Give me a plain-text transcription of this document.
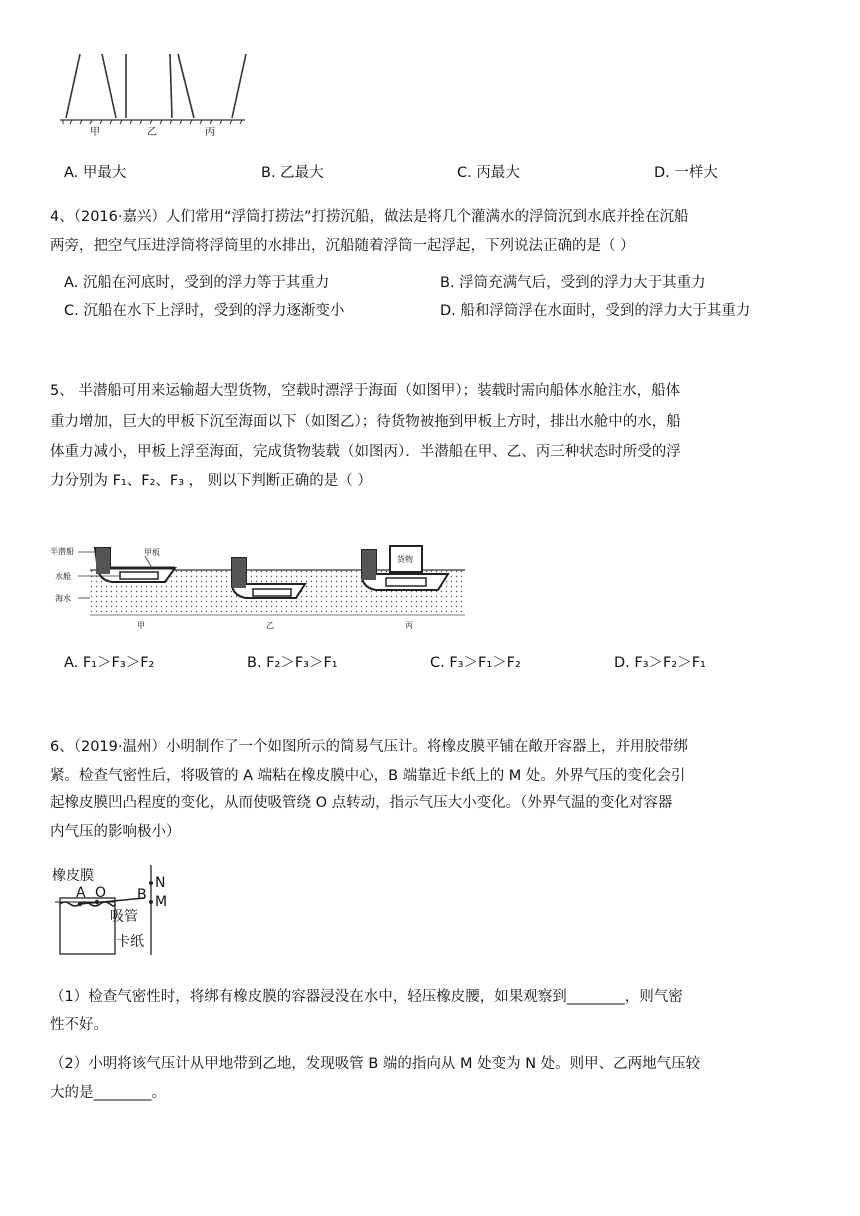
甲	乙	丙
A. 甲最大	B. 乙最大	C. 丙最大	D. 一样大
4、（2016·嘉兴）人们常用“浮筒打捞法”打捞沉船，做法是将几个灌满水的浮筒沉到水底并拴在沉船
两旁，把空气压进浮筒将浮筒里的水排出，沉船随着浮筒一起浮起，下列说法正确的是（ ）
A. 沉船在河底时，受到的浮力等于其重力	B. 浮筒充满气后，受到的浮力大于其重力
C. 沉船在水下上浮时，受到的浮力逐渐变小	D. 船和浮筒浮在水面时，受到的浮力大于其重力
5、 半潜船可用来运输超大型货物，空载时漂浮于海面（如图甲）；装载时需向船体水舱注水，船体
重力增加，巨大的甲板下沉至海面以下（如图乙）；待货物被拖到甲板上方时，排出水舱中的水，船
体重力减小，甲板上浮至海面，完成货物装载（如图丙）．半潜船在甲、乙、丙三种状态时所受的浮
力分别为 F₁、F₂、F₃ ， 则以下判断正确的是（ ）
半潜船
水舱
海水
甲板
货物
甲	乙	丙
A. F₁＞F₃＞F₂	B. F₂＞F₃＞F₁	C. F₃＞F₁＞F₂	D. F₃＞F₂＞F₁
6、（2019·温州）小明制作了一个如图所示的简易气压计。将橡皮膜平铺在敞开容器上，并用胶带绑
紧。检查气密性后，将吸管的 A 端粘在橡皮膜中心，B 端靠近卡纸上的 M 处。外界气压的变化会引
起橡皮膜凹凸程度的变化，从而使吸管绕 O 点转动，指示气压大小变化。（外界气温的变化对容器
内气压的影响极小）
橡皮膜
A O B
N
M
吸管
卡纸
（1）检查气密性时，将绑有橡皮膜的容器浸没在水中，轻压橡皮腰，如果观察到________，则气密
性不好。
（2）小明将该气压计从甲地带到乙地，发现吸管 B 端的指向从 M 处变为 N 处。则甲、乙两地气压较
大的是________。
